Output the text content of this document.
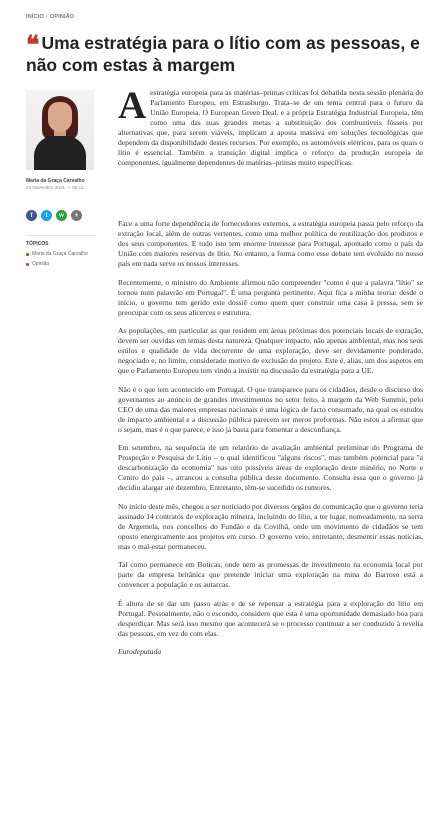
INÍCIO / OPINIÃO
❝ Uma estratégia para o lítio com as pessoas, e não com estas à margem
Maria da Graça Carvalho
24 Novembro 2021 — 00:11
f t w +
TÓPICOS
Maria da Graça Carvalho
Opinião

Aestratégia europeia para as matérias–primas críticas foi debatida nesta sessão plenária do Parlamento Europeu, em Estrasburgo. Trata–se de um tema central para o futuro da União Europeia. O European Green Deal, e a própria Estratégia Industrial Europeia, têm como uma das suas grandes metas a substituição dos combustíveis fósseis por alternativas que, para serem viáveis, implicam a aposta massiva em soluções tecnológicas que dependem da disponibilidade destes recursos. Por exemplo, os automóveis elétricos, para os quais o lítio é essencial. Também a transição digital implica o reforço da produção europeia de componentes, igualmente dependentes de matérias–primas muito específicas.

Face a uma forte dependência de fornecedores externos, a estratégia europeia passa pelo reforço da extração local, além de outras vertentes, como uma melhor política de reutilização dos produtos e dos seus componentes. E tudo isto tem enorme interesse para Portugal, apontado como o país da União com maiores reservas de lítio. No entanto, a forma como esse debate tem evoluído no nosso país em nada serve os nossos interesses.

Recentemente, o ministro do Ambiente afirmou não compreender "como é que a palavra "lítio" se tornou num palavrão em Portugal". É uma pergunta pertinente. Aqui fica a minha teoria: desde o início, o governo tem gerido este dossiê como quem quer construir uma casa à pressa, sem se preocupar com os seus alicerces e estrutura.

As populações, em particular as que residem em áreas próximas dos potenciais locais de extração, devem ser ouvidas em temas desta natureza. Qualquer impacto, não apenas ambiental, mas nos seus estilos e qualidade de vida decorrente de uma exploração, deve ser devidamente ponderado, negociado e, no limite, considerado motivo de exclusão do projeto. Este é, aliás, um dos aspetos em que o Parlamento Europeu tem vindo a insistir na discussão da estratégia para a UE.

Não é o que tem acontecido em Portugal. O que transparece para os cidadãos, desde o discurso dos governantes ao anúncio de grandes investimentos no setor feito, à margem da Web Summit, pelo CEO de uma das maiores empresas nacionais é uma lógica de facto consumado, na qual os estudos de impacto ambiental e a discussão pública parecem ser meros proformas. Não estou a afirmar que o sejam, mas é o que parece, e isso já basta para fomentar a desconfiança.

Em setembro, na sequência de um relatório de avaliação ambiental preliminar do Programa de Prospeção e Pesquisa de Lítio – o qual identificou "alguns riscos", mas também potencial para "a descarbonização da economia" nas oito possíveis áreas de exploração deste minério, no Norte e Centro do país –, arrancou a consulta pública desse documento. Consulta essa que o governo já decidiu alargar até dezembro. Entretanto, têm-se sucedido os rumores.

No início deste mês, chegou a ser noticiado por diversos órgãos de comunicação que o governo teria assinado 14 contratos de exploração mineira, incluindo do lítio, a ter lugar, nomeadamente, na serra de Argemela, nos concelhos do Fundão e da Covilhã, onde um movimento de cidadãos se tem oposto energicamente aos projetos em curso. O governo veio, entretanto, desmentir essas notícias, mas o mal-estar permaneceu.

Tal como permanece em Boticas, onde nem as promessas de investimento na economia local por parte da empresa britânica que pretende iniciar uma exploração na mina do Barroso está a convencer a população e os autarcas.

É altura de se dar um passo atrás e de se repensar a estratégia para a exploração do lítio em Portugal. Pessoalmente, não o escondo, considero que esta é uma oportunidade demasiado boa para desperdiçar. Mas será isso mesmo que acontecerá se o processo continuar a ser conduzido à revelia das pessoas, em vez de com elas.

Eurodeputada
